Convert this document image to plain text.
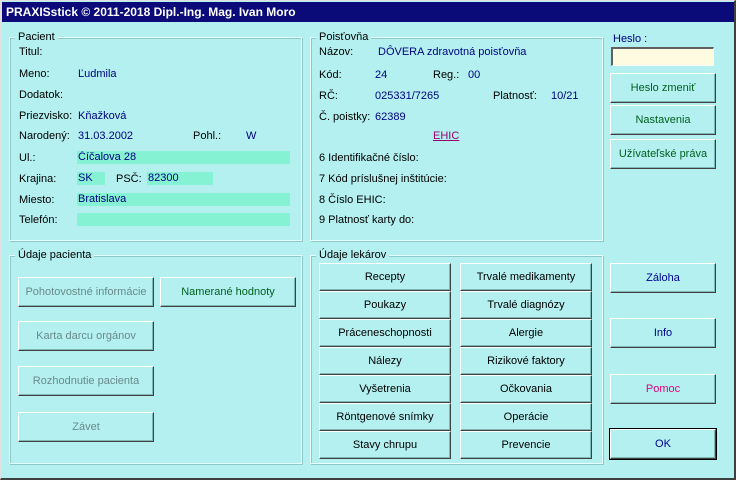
PRAXISstick © 2011-2018 Dipl.-Ing. Mag. Ivan Moro
Pacient
Titul:
Meno:	Ľudmila
Dodatok:
Priezvisko: Kňažková
Narodený: 31.03.2002	Pohl.: W
Ul.:	Číčalova 28
Krajina: SK	PSČ: 82300
Miesto: Bratislava
Telefón:
Poisťovňa
Názov: DÔVERA zdravotná poisťovňa
Kód:	24	Reg.: 00
RČ:	025331/7265	Platnosť: 10/21
Č. poistky: 62389
EHIC
6 Identifikačné číslo:
7 Kód príslušnej inštitúcie:
8 Číslo EHIC:
9 Platnosť karty do:
Heslo :
Heslo zmeniť
Nastavenia
Užívateľské práva
Údaje pacienta
Pohotovostné informácie	Namerané hodnoty
Karta darcu orgánov
Rozhodnutie pacienta
Závet
Údaje lekárov
Recepty
Poukazy
Práceneschopnosti
Nálezy
Vyšetrenia
Röntgenové snímky
Stavy chrupu
Trvalé medikamenty
Trvalé diagnózy
Alergie
Rizikové faktory
Očkovania
Operácie
Prevencie
Záloha
Info
Pomoc
OK
